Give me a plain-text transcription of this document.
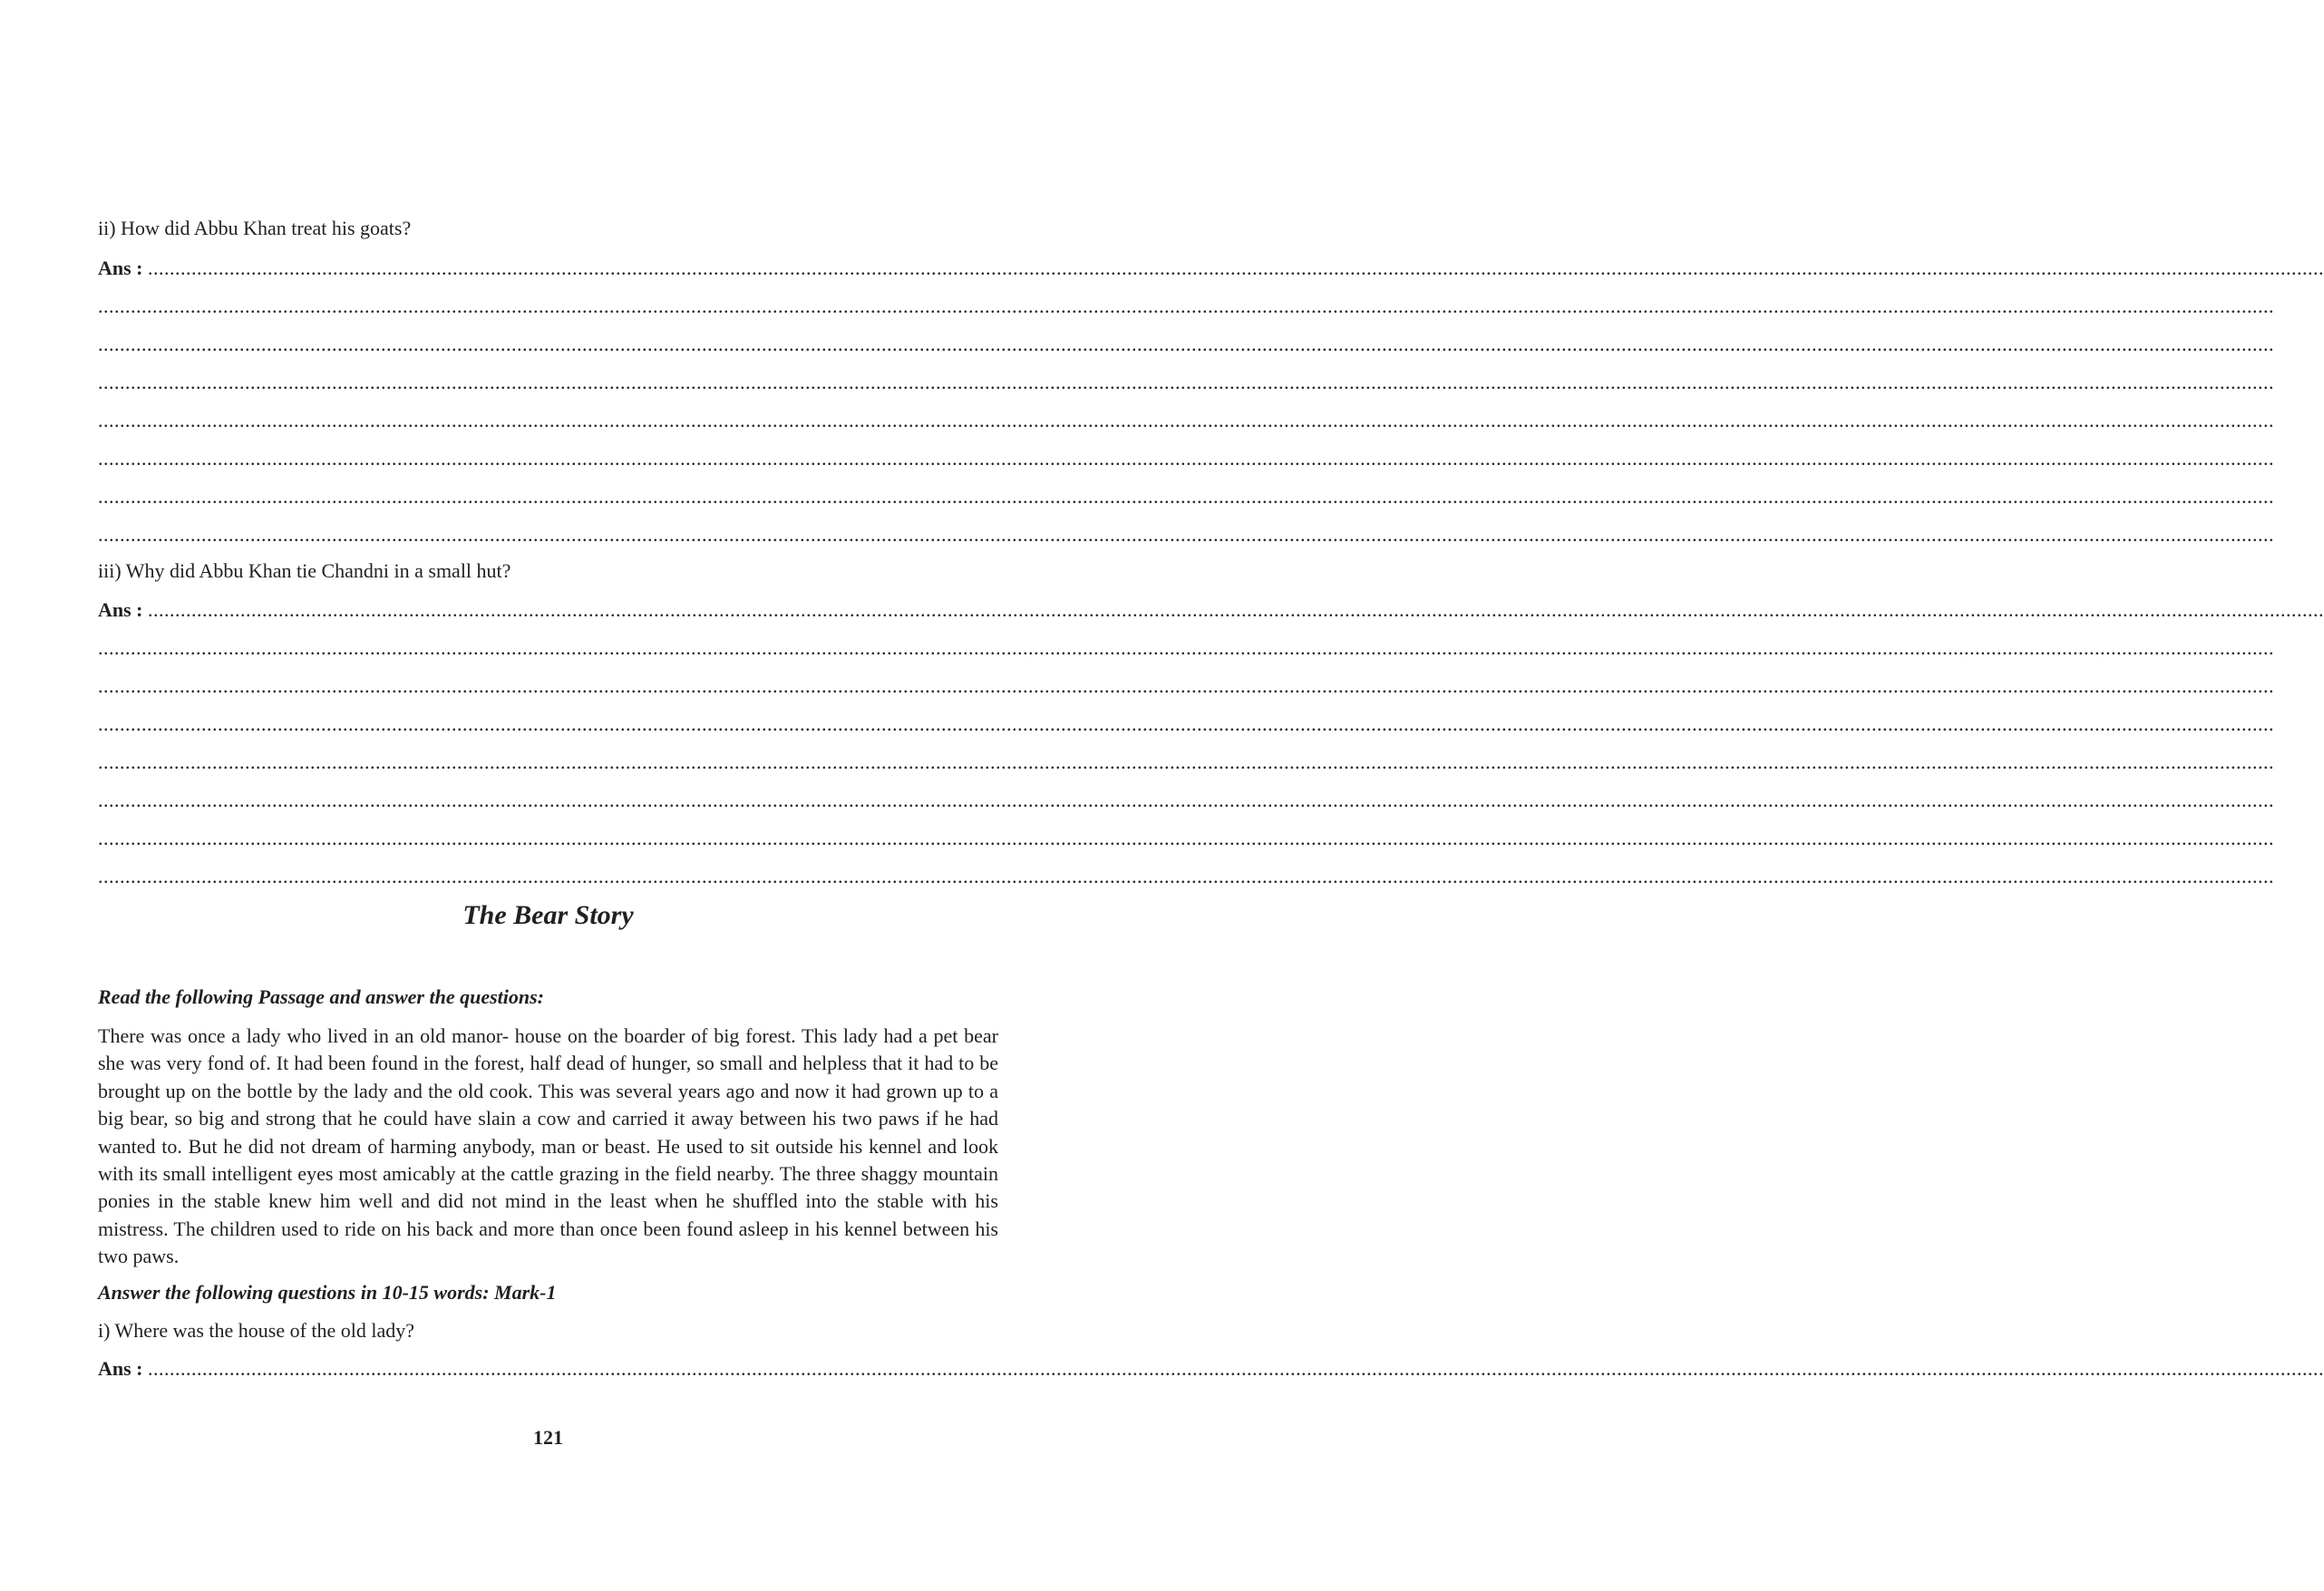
ii) How did Abbu Khan treat his goats?
Ans : ................................................................................................................................................................................................................................................................................................................................................................................................................
................................................................................................................................................................................................................................................................................................................................................................................................................
................................................................................................................................................................................................................................................................................................................................................................................................................
................................................................................................................................................................................................................................................................................................................................................................................................................
................................................................................................................................................................................................................................................................................................................................................................................................................
................................................................................................................................................................................................................................................................................................................................................................................................................
................................................................................................................................................................................................................................................................................................................................................................................................................
................................................................................................................................................................................................................................................................................................................................................................................................................
iii) Why did Abbu Khan tie Chandni in a small hut?
Ans : ................................................................................................................................................................................................................................................................................................................................................................................................................
................................................................................................................................................................................................................................................................................................................................................................................................................
................................................................................................................................................................................................................................................................................................................................................................................................................
................................................................................................................................................................................................................................................................................................................................................................................................................
................................................................................................................................................................................................................................................................................................................................................................................................................
................................................................................................................................................................................................................................................................................................................................................................................................................
................................................................................................................................................................................................................................................................................................................................................................................................................
................................................................................................................................................................................................................................................................................................................................................................................................................
The Bear Story
Read the following Passage and answer the questions:

There was once a lady who lived in an old manor- house on the boarder of big forest. This lady had a pet bear she was very fond of. It had been found in the forest, half dead of hunger, so small and helpless that it had to be brought up on the bottle by the lady and the old cook. This was several years ago and now it had grown up to a big bear, so big and strong that he could have slain a cow and carried it away between his two paws if he had wanted to. But he did not dream of harming anybody, man or beast. He used to sit outside his kennel and look with its small intelligent eyes most amicably at the cattle grazing in the field nearby. The three shaggy mountain ponies in the stable knew him well and did not mind in the least when he shuffled into the stable with his mistress. The children used to ride on his back and more than once been found asleep in his kennel between his two paws.

Answer the following questions in 10-15 words: Mark-1
i) Where was the house of the old lady?
Ans : ................................................................................................................................................................................................................................................................................................................................................................................................................
121
